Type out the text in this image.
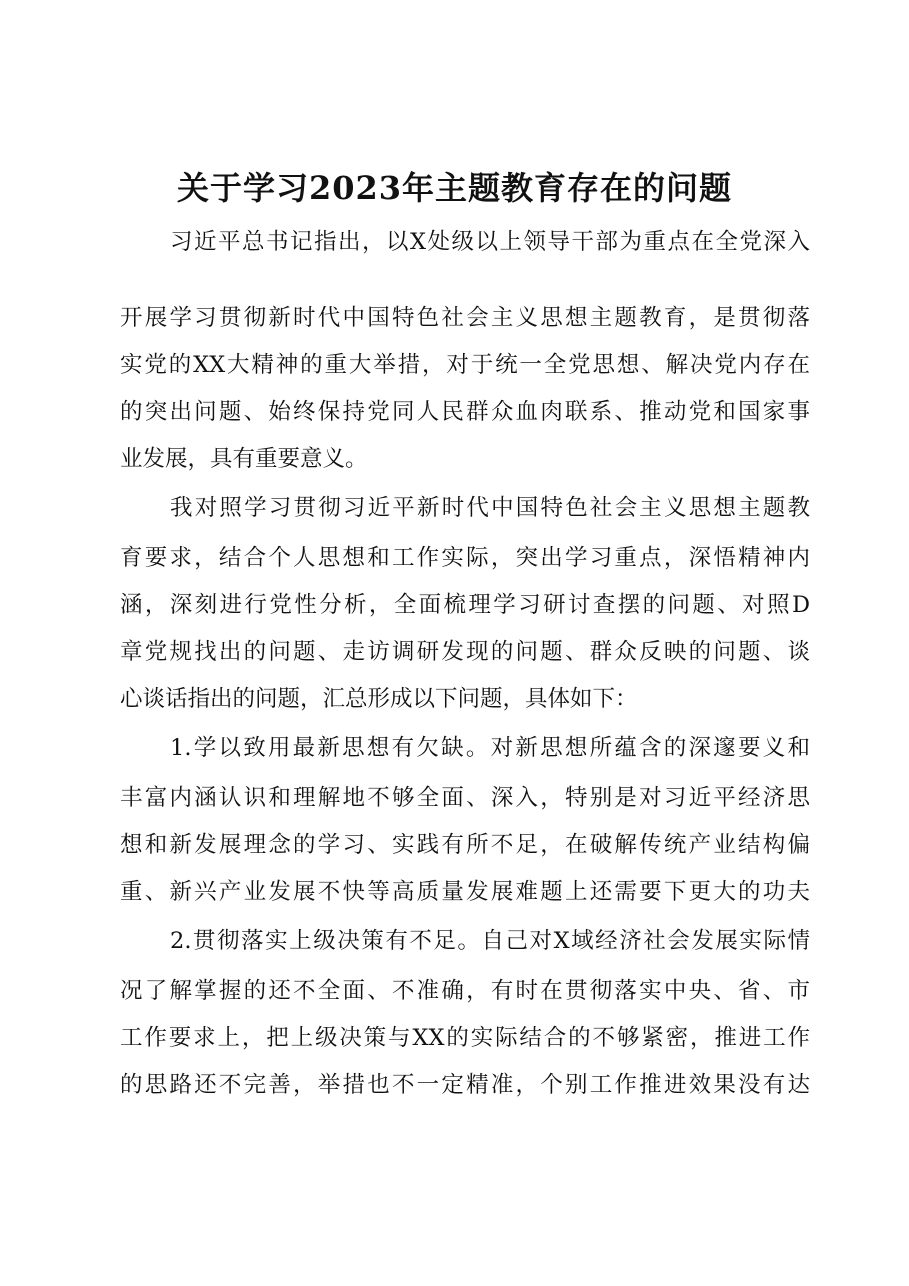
关于学习2023年主题教育存在的问题

习近平总书记指出，以X处级以上领导干部为重点在全党深入

开展学习贯彻新时代中国特色社会主义思想主题教育，是贯彻落

实党的XX大精神的重大举措，对于统一全党思想、解决党内存在

的突出问题、始终保持党同人民群众血肉联系、推动党和国家事

业发展，具有重要意义。

我对照学习贯彻习近平新时代中国特色社会主义思想主题教

育要求，结合个人思想和工作实际，突出学习重点，深悟精神内

涵，深刻进行党性分析，全面梳理学习研讨查摆的问题、对照D

章党规找出的问题、走访调研发现的问题、群众反映的问题、谈

心谈话指出的问题，汇总形成以下问题，具体如下：

1.学以致用最新思想有欠缺。对新思想所蕴含的深邃要义和

丰富内涵认识和理解地不够全面、深入，特别是对习近平经济思

想和新发展理念的学习、实践有所不足，在破解传统产业结构偏

重、新兴产业发展不快等高质量发展难题上还需要下更大的功夫

2.贯彻落实上级决策有不足。自己对X域经济社会发展实际情

况了解掌握的还不全面、不准确，有时在贯彻落实中央、省、市

工作要求上，把上级决策与XX的实际结合的不够紧密，推进工作

的思路还不完善，举措也不一定精准，个别工作推进效果没有达
